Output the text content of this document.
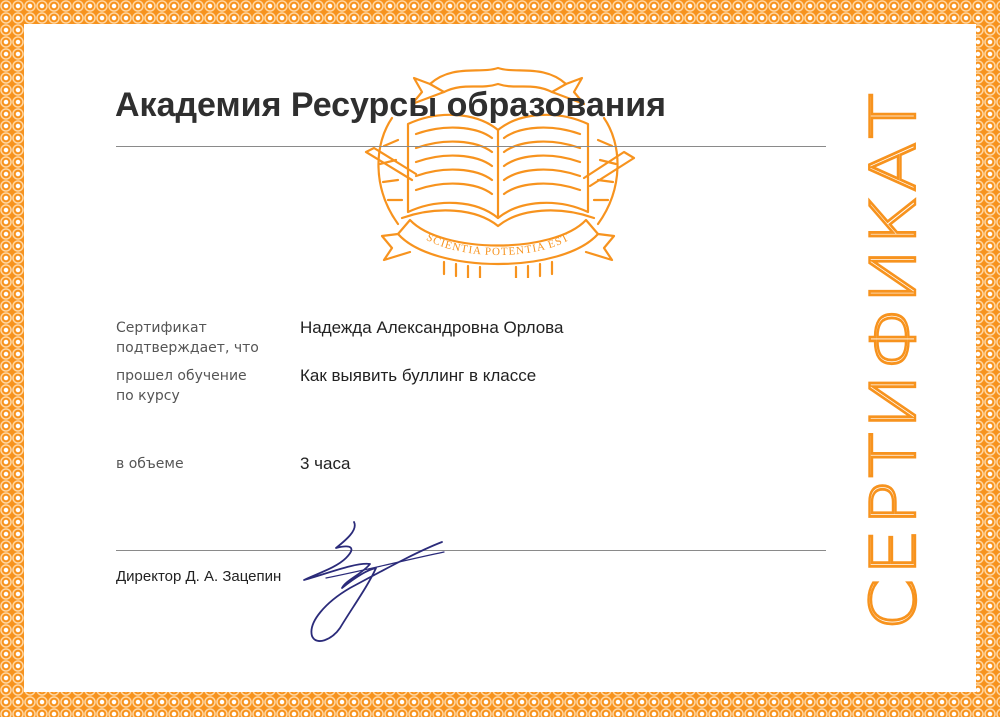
SCIENTIA POTENTIA EST
Академия Ресурсы образования
Сертификат
подтверждает, что
Надежда Александровна Орлова
прошел обучение
по курсу
Как выявить буллинг в классе
в объеме	3 часа
Директор Д. А. Зацепин	СЕРТИФИКАТ
